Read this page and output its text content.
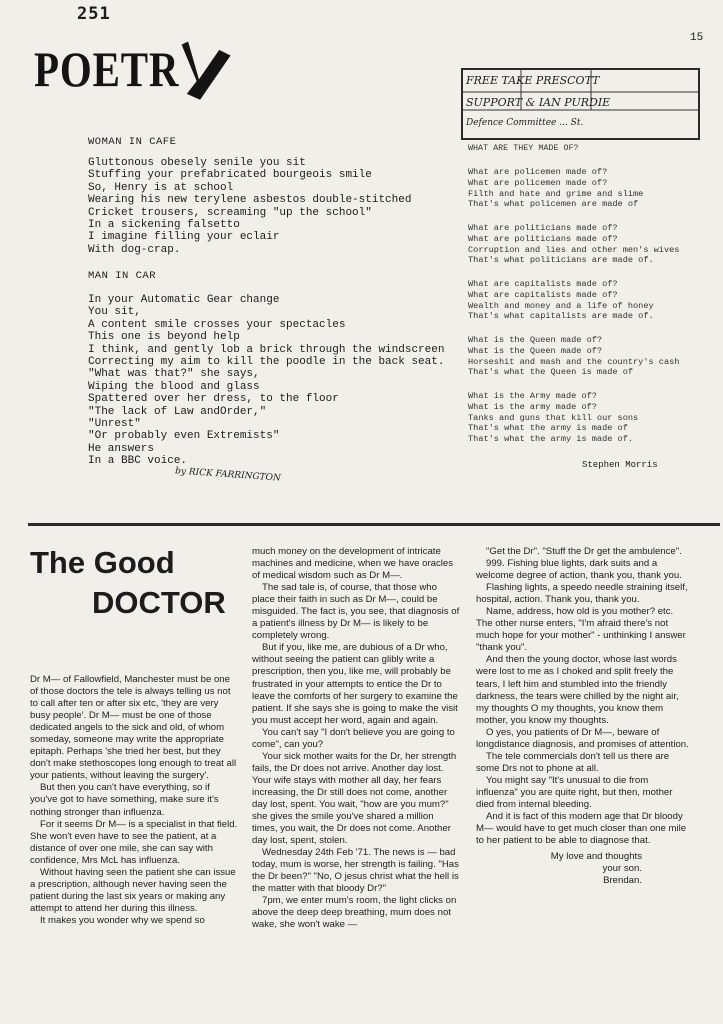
251
15
POETR
WOMAN IN CAFE
Gluttonous obesely senile you sit
Stuffing your prefabricated bourgeois smile
So, Henry is at school
Wearing his new terylene asbestos double-stitched
Cricket trousers, screaming "up the school"
In a sickening falsetto
I imagine filling your eclair
With dog-crap.
MAN IN CAR
In your Automatic Gear change
You sit,
A content smile crosses your spectacles
This one is beyond help
I think, and gently lob a brick through the windscreen
Correcting my aim to kill the poodle in the back seat.
"What was that?" she says,
Wiping the blood and glass
Spattered over her dress, to the floor
"The lack of Law andOrder,"
"Unrest"
"Or probably even Extremists"
He answers
In a BBC voice.
by RICK FARRINGTON
FREE TAKE PRESCOTT
SUPPORT & IAN PURDIE
Defence Committee ... St.
WHAT ARE THEY MADE OF?
What are policemen made of?
What are policemen made of?
Filth and hate and grime and slime
That's what policemen are made of
What are politicians made of?
What are politicians made of?
Corruption and lies and other men's wives
That's what politicians are made of.
What are capitalists made of?
What are capitalists made of?
Wealth and money and a life of honey
That's what capitalists are made of.
What is the Queen made of?
What is the Queen made of?
Horseshit and mash and the country's cash
That's what the Queen is made of
What is the Army made of?
What is the army made of?
Tanks and guns that kill our sons
That's what the army is made of
That's what the army is made of.
Stephen Morris
The Good
DOCTOR

Dr M— of Fallowfield, Manchester must be one of those doctors the tele is always telling us not to call after ten or after six etc, 'they are very busy people'. Dr M— must be one of those dedicated angels to the sick and old, of whom someday, someone may write the appropriate epitaph. Perhaps 'she tried her best, but they don't make stethoscopes long enough to treat all your patients, without leaving the surgery'.

But then you can't have everything, so if you've got to have something, make sure it's nothing stronger than influenza.

For it seems Dr M— is a specialist in that field. She won't even have to see the patient, at a distance of over one mile, she can say with confidence, Mrs McL has influenza.

Without having seen the patient she can issue a prescription, although never having seen the patient during the last six years or making any attempt to attend her during this illness.

It makes you wonder why we spend so

much money on the development of intricate machines and medicine, when we have oracles of medical wisdom such as Dr M—.

The sad tale is, of course, that those who place their faith in such as Dr M—, could be misguided. The fact is, you see, that diagnosis of a patient's illness by Dr M— is likely to be completely wrong.

But if you, like me, are dubious of a Dr who, without seeing the patient can glibly write a prescription, then you, like me, will probably be frustrated in your attempts to entice the Dr to leave the comforts of her surgery to examine the patient. If she says she is going to make the visit you must accept her word, again and again.

You can't say "I don't believe you are going to come", can you?

Your sick mother waits for the Dr, her strength fails, the Dr does not arrive. Another day lost. Your wife stays with mother all day, her fears increasing, the Dr still does not come, another day lost, spent. You wait, "how are you mum?" she gives the smile you've shared a million times, you wait, the Dr does not come. Another day lost, spent, stolen.

Wednesday 24th Feb '71. The news is — bad today, mum is worse, her strength is failing. "Has the Dr been?" "No, O jesus christ what the hell is the matter with that bloody Dr?"

7pm, we enter mum's room, the light clicks on above the deep deep breathing, mum does not wake, she won't wake —

"Get the Dr". "Stuff the Dr get the ambulence".

999. Fishing blue lights, dark suits and a welcome degree of action, thank you, thank you.

Flashing lights, a speedo needle straining itself, hospital, action. Thank you, thank you.

Name, address, how old is you mother? etc. The other nurse enters, "I'm afraid there's not much hope for your mother" - unthinking I answer "thank you".

And then the young doctor, whose last words were lost to me as I choked and split freely the tears, I left him and stumbled into the friendly darkness, the tears were chilled by the night air, my thoughts O my thoughts, you know them mother, you know my thoughts.

O yes, you patients of Dr M—, beware of longdistance diagnosis, and promises of attention.

The tele commercials don't tell us there are some Drs not to phone at all.

You might say "It's unusual to die from influenza" you are quite right, but then, mother died from internal bleeding.

And it is fact of this modern age that Dr bloody M— would have to get much closer than one mile to her patient to be able to diagnose that.

My love and thoughts
your son.
Brendan.
